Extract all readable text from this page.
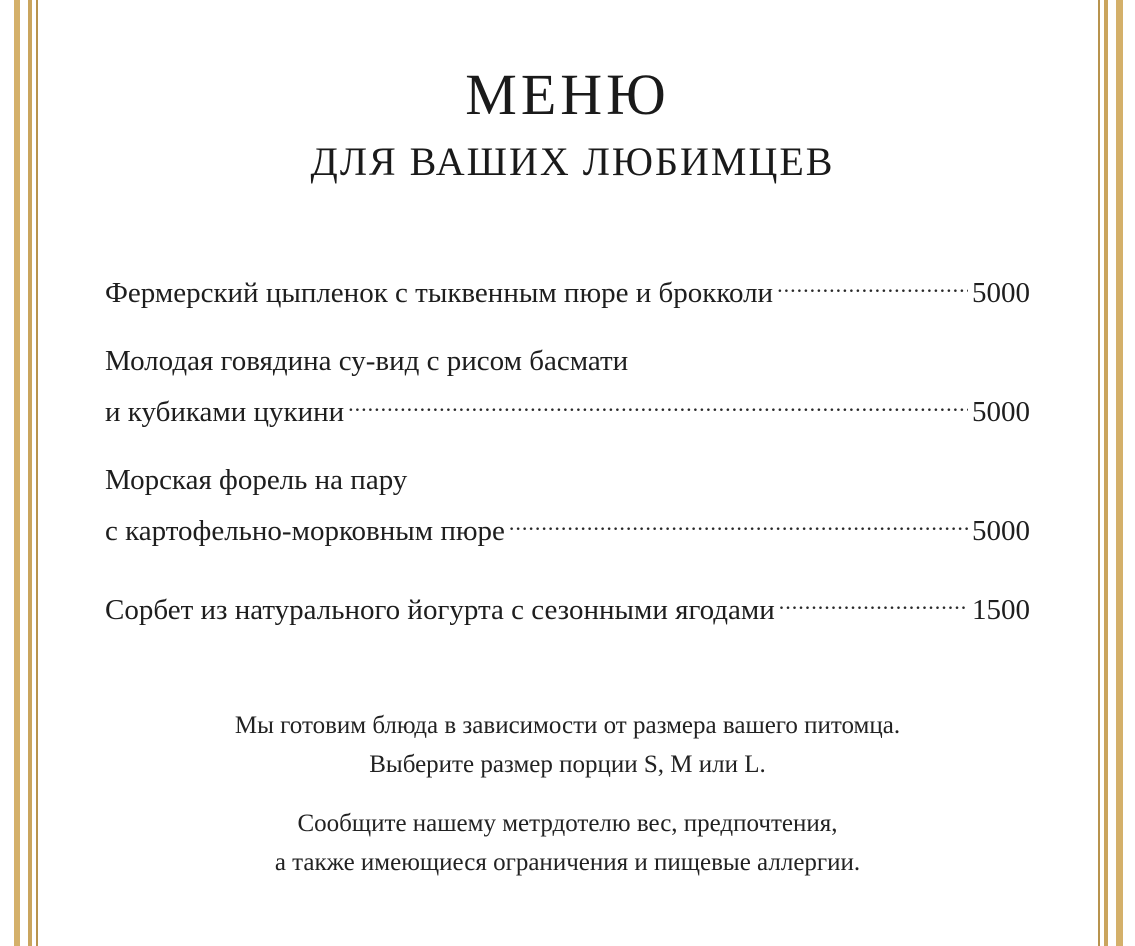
МЕНЮ
ДЛЯ ВАШИХ ЛЮБИМЦЕВ
Фермерский цыпленок с тыквенным пюре и брокколи .....	5000
Молодая говядина су-вид с рисом басмати
и кубиками цукини .....	5000
Морская форель на пару
с картофельно-морковным пюре .....	5000
Сорбет из натурального йогурта с сезонными ягодами .....	1500

Мы готовим блюда в зависимости от размера вашего питомца.
Выберите размер порции S, M или L.

Сообщите нашему метрдотелю вес, предпочтения,
а также имеющиеся ограничения и пищевые аллергии.
